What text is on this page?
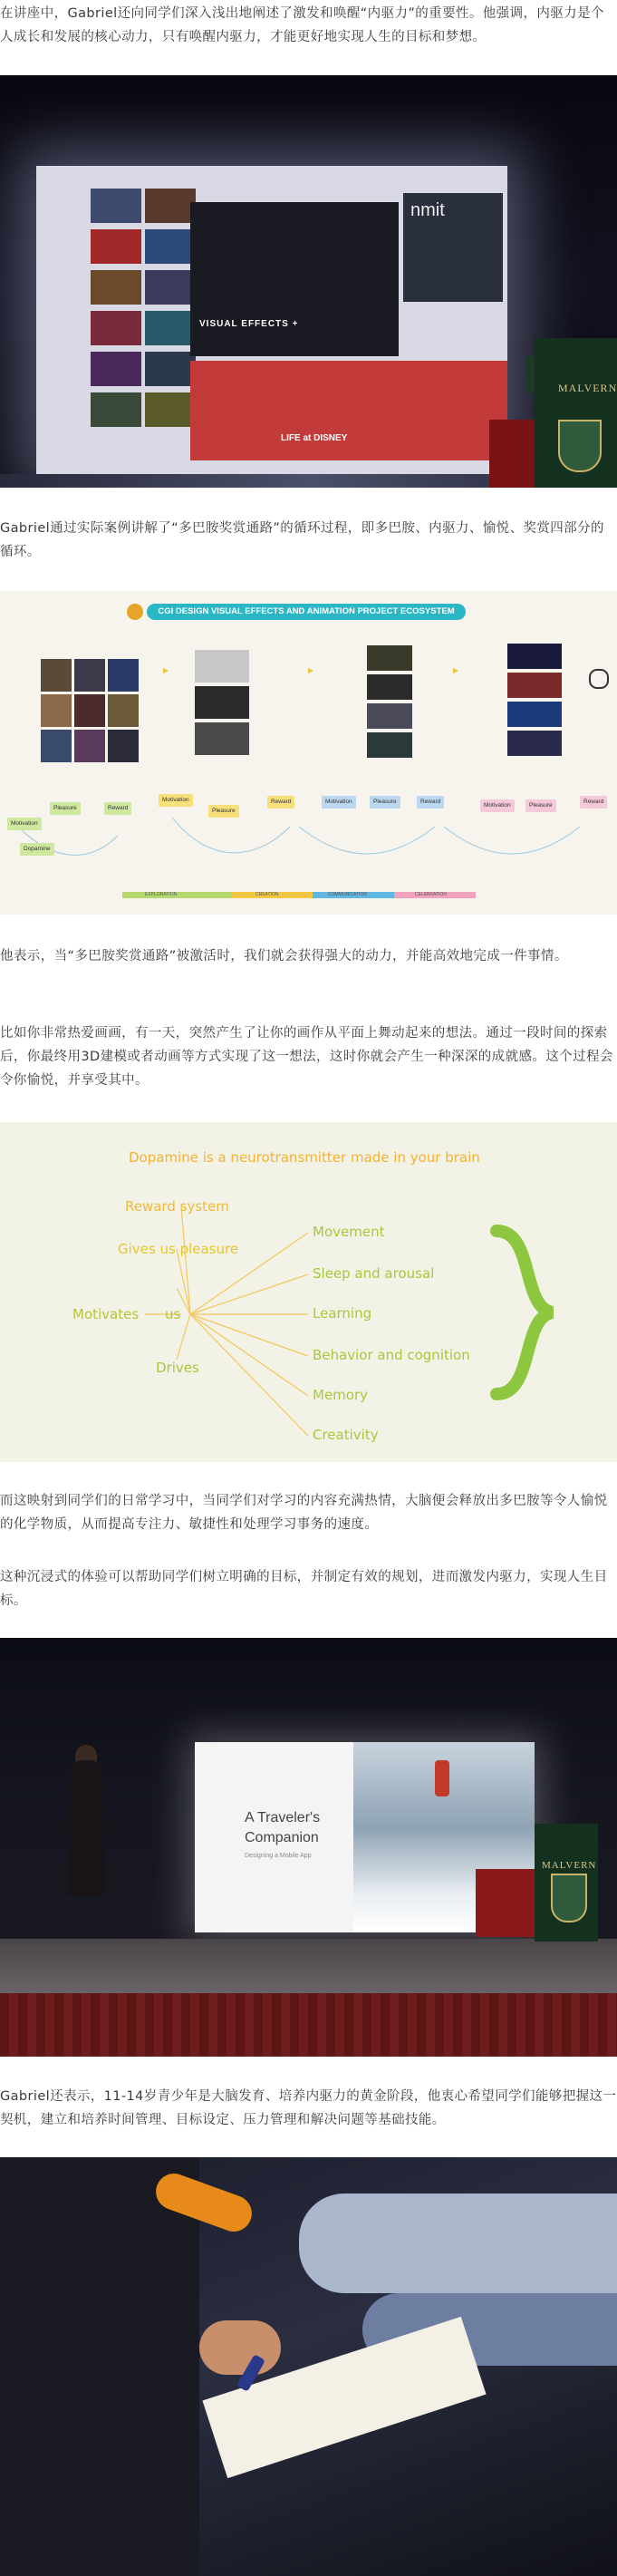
在讲座中，Gabriel还向同学们深入浅出地阐述了激发和唤醒“内驱力”的重要性。他强调，内驱力是个人成长和发展的核心动力，只有唤醒内驱力，才能更好地实现人生的目标和梦想。

VISUAL EFFECTS +
nmit
LIFE at DISNEY
MALVERN

Gabriel通过实际案例讲解了“多巴胺奖赏通路”的循环过程，即多巴胺、内驱力、愉悦、奖赏四部分的循环。

CGI DESIGN VISUAL EFFECTS AND ANIMATION PROJECT ECOSYSTEM
Pleasure	Reward
Motivation
Dopamine
Pleasure
Reward
Motivation	Pleasure	Reward
Motivation
Pleasure
Reward
Motivation
EXPLORATION	CREATION	COMMUNICATION	CELEBRATION

他表示，当“多巴胺奖赏通路”被激活时，我们就会获得强大的动力，并能高效地完成一件事情。

比如你非常热爱画画，有一天，突然产生了让你的画作从平面上舞动起来的想法。通过一段时间的探索后，你最终用3D建模或者动画等方式实现了这一想法，这时你就会产生一种深深的成就感。这个过程会令你愉悦，并享受其中。

Dopamine is a neurotransmitter made in your brain
Reward system
Gives us pleasure
Motivates us
Drives
Movement
Sleep and arousal
Learning
Behavior and cognition
Memory
Creativity

而这映射到同学们的日常学习中，当同学们对学习的内容充满热情，大脑便会释放出多巴胺等令人愉悦的化学物质，从而提高专注力、敏捷性和处理学习事务的速度。

这种沉浸式的体验可以帮助同学们树立明确的目标，并制定有效的规划，进而激发内驱力，实现人生目标。

A Traveler's
Companion
Designing a Mobile App
MALVERN

Gabriel还表示，11-14岁青少年是大脑发育、培养内驱力的黄金阶段，他衷心希望同学们能够把握这一契机，建立和培养时间管理、目标设定、压力管理和解决问题等基础技能。
